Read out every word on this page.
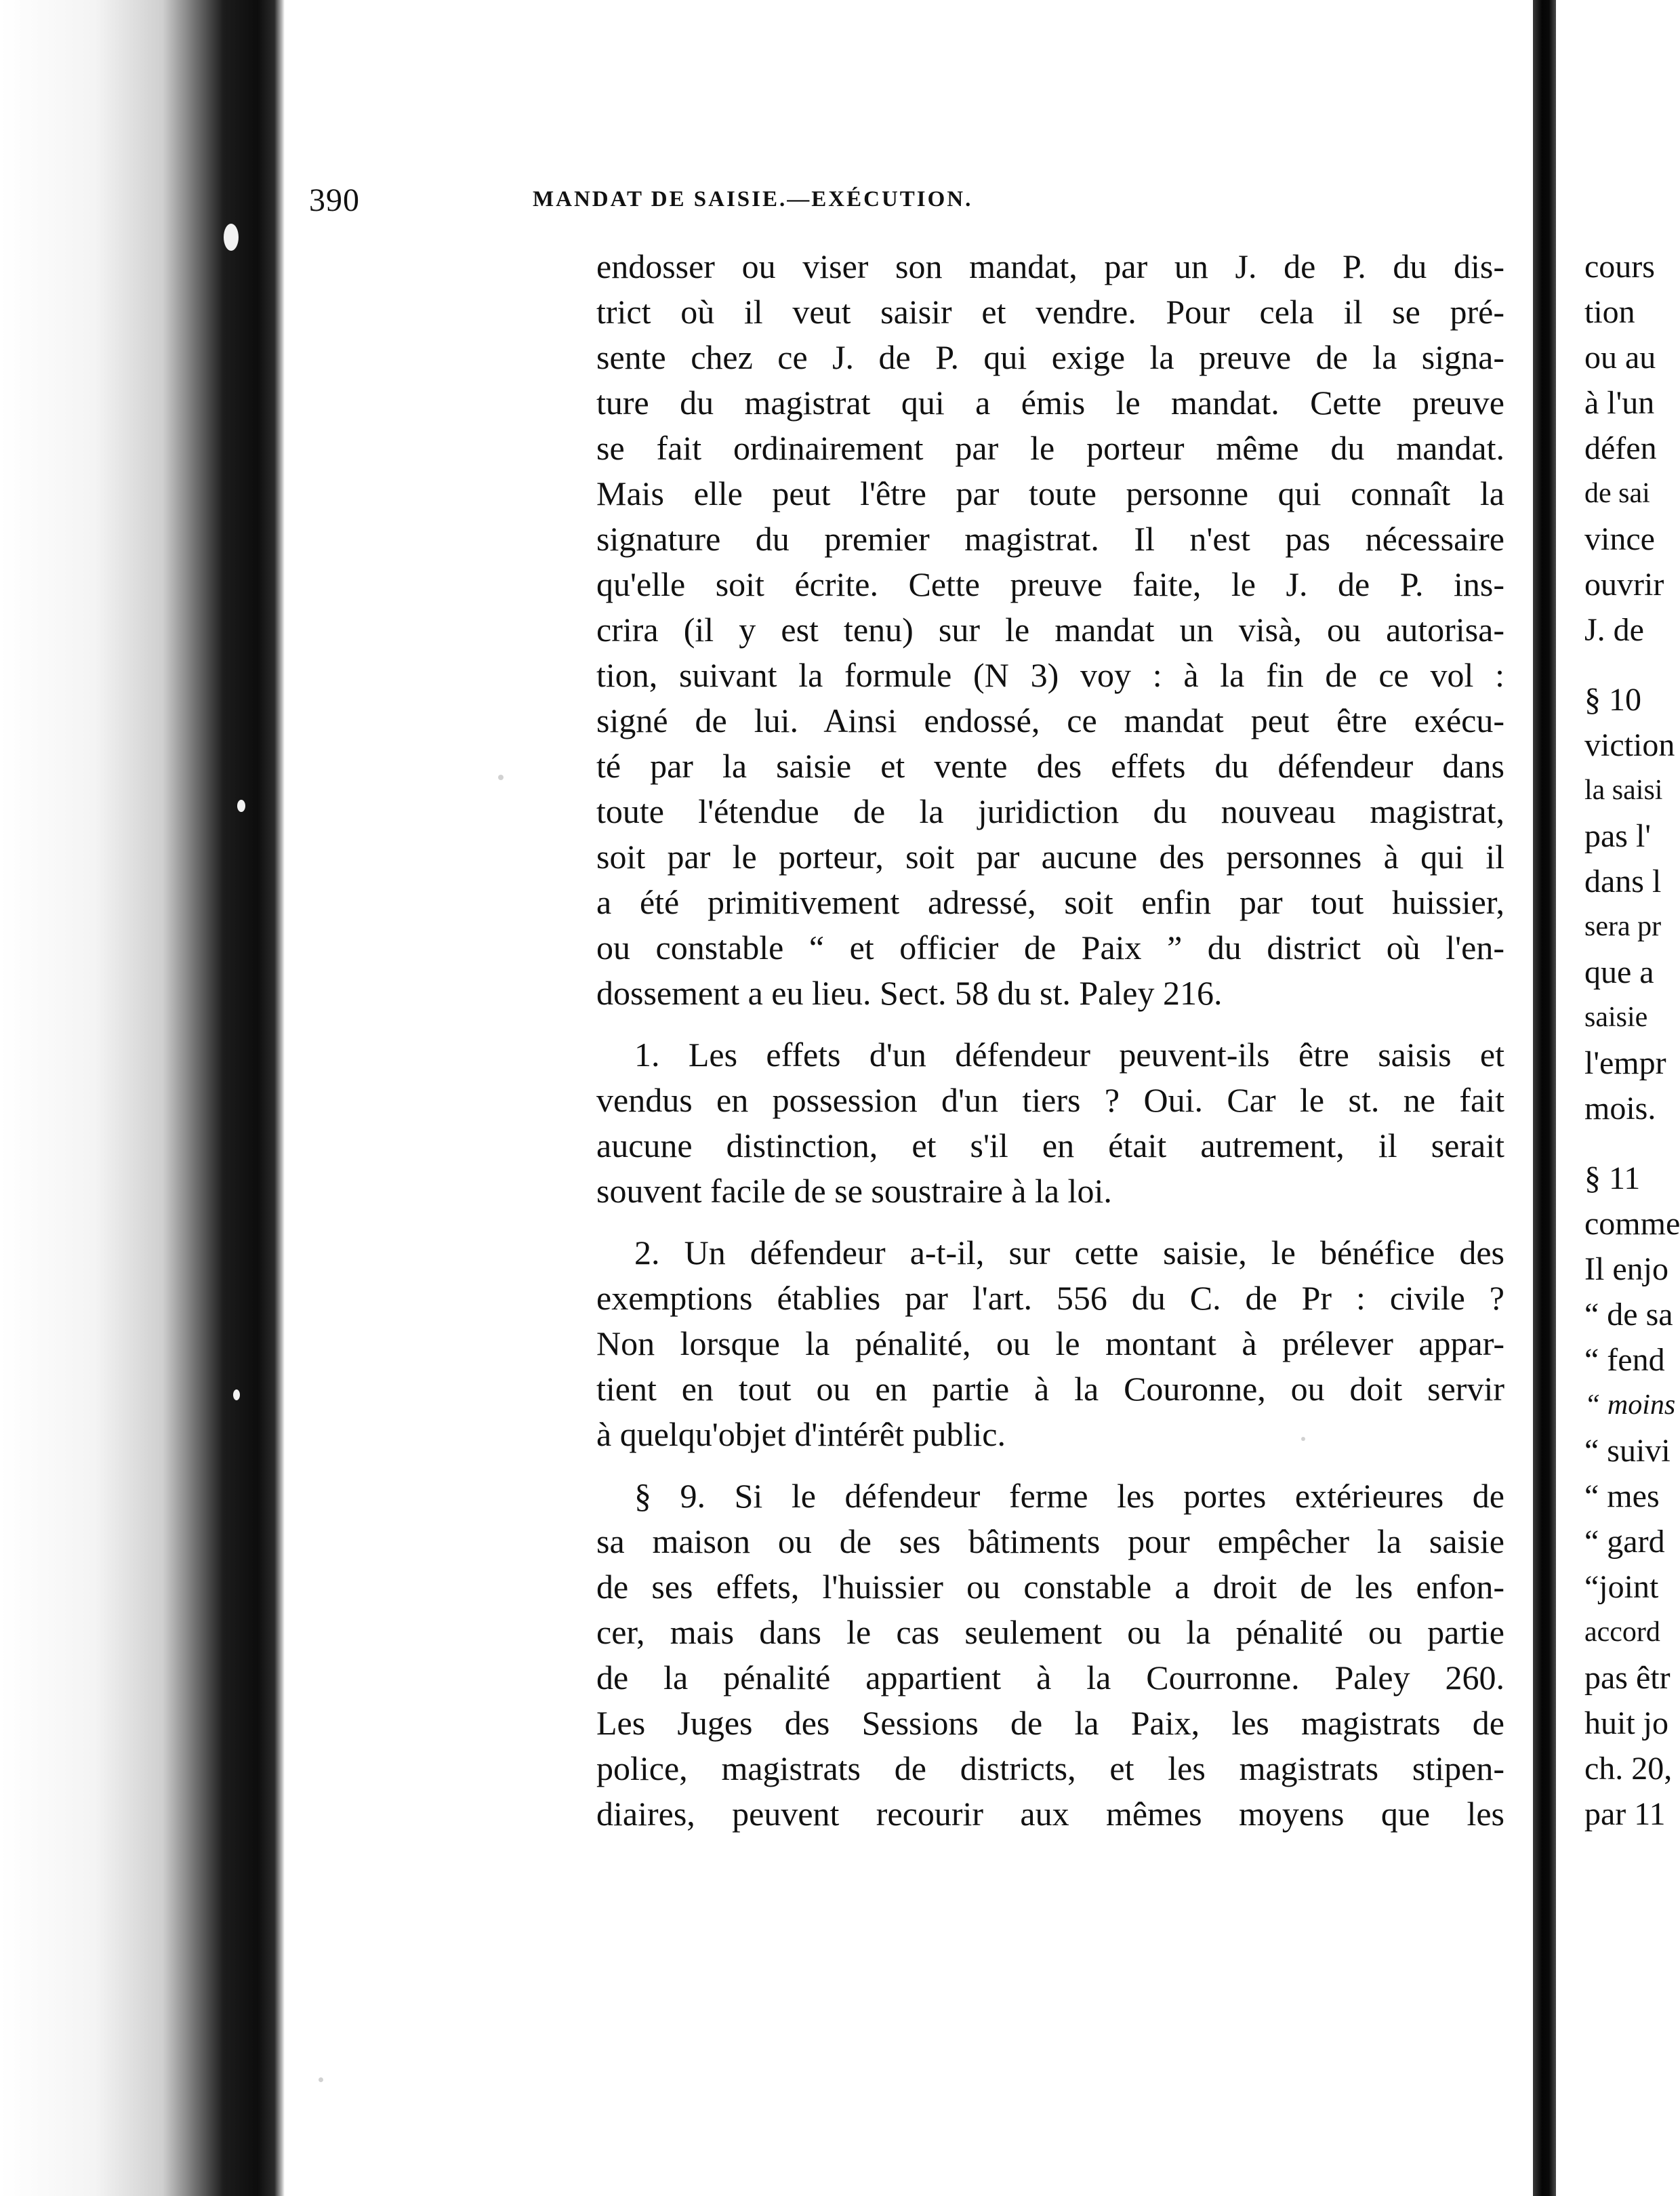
390	MANDAT DE SAISIE.—EXÉCUTION.
endosser ou viser son mandat, par un J. de P. du dis-
trict où il veut saisir et vendre. Pour cela il se pré-
sente chez ce J. de P. qui exige la preuve de la signa-
ture du magistrat qui a émis le mandat. Cette preuve
se fait ordinairement par le porteur même du mandat.
Mais elle peut l'être par toute personne qui connaît la
signature du premier magistrat. Il n'est pas nécessaire
qu'elle soit écrite. Cette preuve faite, le J. de P. ins-
crira (il y est tenu) sur le mandat un visà, ou autorisa-
tion, suivant la formule (N 3) voy : à la fin de ce vol :
signé de lui. Ainsi endossé, ce mandat peut être exécu-
té par la saisie et vente des effets du défendeur dans
toute l'étendue de la juridiction du nouveau magistrat,
soit par le porteur, soit par aucune des personnes à qui il
a été primitivement adressé, soit enfin par tout huissier,
ou constable “ et officier de Paix ” du district où l'en-
dossement a eu lieu. Sect. 58 du st. Paley 216.
1. Les effets d'un défendeur peuvent-ils être saisis et
vendus en possession d'un tiers ? Oui. Car le st. ne fait
aucune distinction, et s'il en était autrement, il serait
souvent facile de se soustraire à la loi.
2. Un défendeur a-t-il, sur cette saisie, le bénéfice des
exemptions établies par l'art. 556 du C. de Pr : civile ?
Non lorsque la pénalité, ou le montant à prélever appar-
tient en tout ou en partie à la Couronne, ou doit servir
à quelqu'objet d'intérêt public.
§ 9. Si le défendeur ferme les portes extérieures de
sa maison ou de ses bâtiments pour empêcher la saisie
de ses effets, l'huissier ou constable a droit de les enfon-
cer, mais dans le cas seulement ou la pénalité ou partie
de la pénalité appartient à la Courronne. Paley 260.
Les Juges des Sessions de la Paix, les magistrats de
police, magistrats de districts, et les magistrats stipen-
diaires, peuvent recourir aux mêmes moyens que les
cours
tion
ou au
à l'un
défen
de sai
vince
ouvrir
J. de
§ 10
viction
la saisi
pas l'
dans l
sera pr
que a
saisie
l'empr
mois.
§ 11
comme
Il enjo
“ de sa
“ fend
“ moins
“ suivi
“ mes
“ gard
“joint
accord
pas êtr
huit jo
ch. 20,
par 11
